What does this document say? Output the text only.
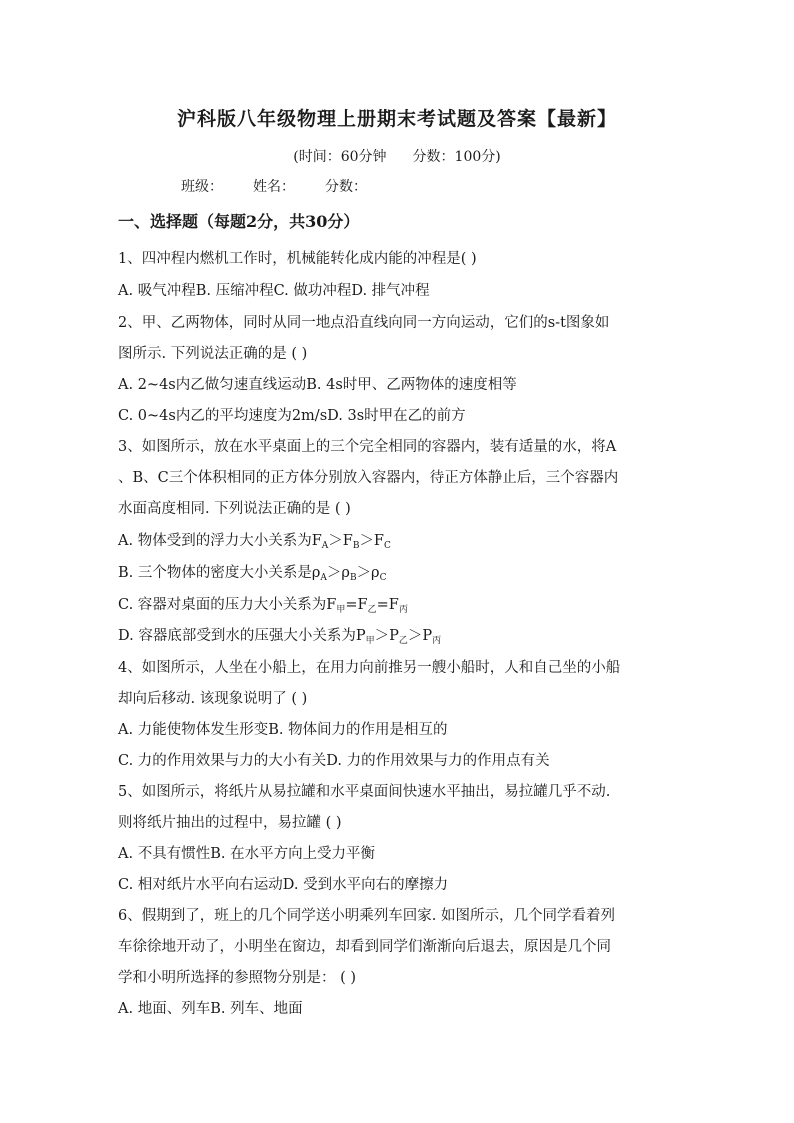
沪科版八年级物理上册期末考试题及答案【最新】
(时间：60分钟 分数：100分)
班级： 姓名： 分数：
一、选择题（每题2分，共30分）
1、四冲程内燃机工作时，机械能转化成内能的冲程是( )
A. 吸气冲程B. 压缩冲程C. 做功冲程D. 排气冲程
2、甲、乙两物体，同时从同一地点沿直线向同一方向运动，它们的s-t图象如
图所示. 下列说法正确的是 ( )
A. 2~4s内乙做匀速直线运动B. 4s时甲、乙两物体的速度相等
C. 0~4s内乙的平均速度为2m/sD. 3s时甲在乙的前方
3、如图所示，放在水平桌面上的三个完全相同的容器内，装有适量的水，将A
、B、C三个体积相同的正方体分别放入容器内，待正方体静止后，三个容器内
水面高度相同. 下列说法正确的是 ( )
A. 物体受到的浮力大小关系为$F_A>F_B>F_C$
B. 三个物体的密度大小关系是$\rho_A>\rho_B>\rho_C$
C. 容器对桌面的压力大小关系为$F_甲=F_乙=F_丙$
D. 容器底部受到水的压强大小关系为$P_甲>P_乙>P_丙$
4、如图所示，人坐在小船上，在用力向前推另一艘小船时，人和自己坐的小船
却向后移动. 该现象说明了 ( )
A. 力能使物体发生形变B. 物体间力的作用是相互的
C. 力的作用效果与力的大小有关D. 力的作用效果与力的作用点有关
5、如图所示，将纸片从易拉罐和水平桌面间快速水平抽出，易拉罐几乎不动.
则将纸片抽出的过程中，易拉罐 ( )
A. 不具有惯性B. 在水平方向上受力平衡
C. 相对纸片水平向右运动D. 受到水平向右的摩擦力
6、假期到了，班上的几个同学送小明乘列车回家. 如图所示，几个同学看着列
车徐徐地开动了，小明坐在窗边，却看到同学们渐渐向后退去，原因是几个同
学和小明所选择的参照物分别是： ( )
A. 地面、列车B. 列车、地面
